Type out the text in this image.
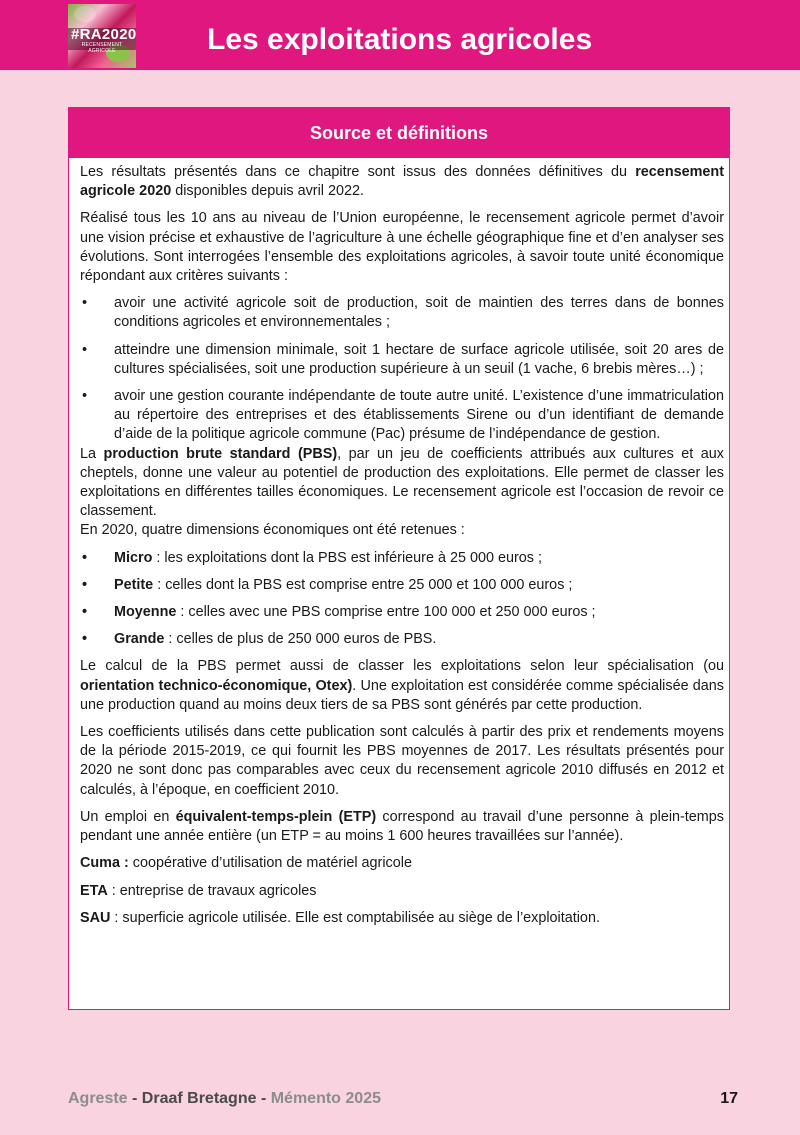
#RA2020
RECENSEMENT AGRICOLE	Les exploitations agricoles
Source et définitions

Les résultats présentés dans ce chapitre sont issus des données définitives du recensement agricole 2020 disponibles depuis avril 2022.

Réalisé tous les 10 ans au niveau de l’Union européenne, le recensement agricole permet d’avoir une vision précise et exhaustive de l’agriculture à une échelle géographique fine et d’en analyser ses évolutions. Sont interrogées l’ensemble des exploitations agricoles, à savoir toute unité économique répondant aux critères suivants :

• avoir une activité agricole soit de production, soit de maintien des terres dans de bonnes conditions agricoles et environnementales ;
• atteindre une dimension minimale, soit 1 hectare de surface agricole utilisée, soit 20 ares de cultures spécialisées, soit une production supérieure à un seuil (1 vache, 6 brebis mères…) ;
• avoir une gestion courante indépendante de toute autre unité. L’existence d’une immatriculation au répertoire des entreprises et des établissements Sirene ou d’un identifiant de demande d’aide de la politique agricole commune (Pac) présume de l’indépendance de gestion.

La production brute standard (PBS), par un jeu de coefficients attribués aux cultures et aux cheptels, donne une valeur au potentiel de production des exploitations. Elle permet de classer les exploitations en différentes tailles économiques. Le recensement agricole est l’occasion de revoir ce classement.

En 2020, quatre dimensions économiques ont été retenues :

• Micro : les exploitations dont la PBS est inférieure à 25 000 euros ;
• Petite : celles dont la PBS est comprise entre 25 000 et 100 000 euros ;
• Moyenne : celles avec une PBS comprise entre 100 000 et 250 000 euros ;
• Grande : celles de plus de 250 000 euros de PBS.

Le calcul de la PBS permet aussi de classer les exploitations selon leur spécialisation (ou orientation technico-économique, Otex). Une exploitation est considérée comme spécialisée dans une production quand au moins deux tiers de sa PBS sont générés par cette production.

Les coefficients utilisés dans cette publication sont calculés à partir des prix et rendements moyens de la période 2015-2019, ce qui fournit les PBS moyennes de 2017. Les résultats présentés pour 2020 ne sont donc pas comparables avec ceux du recensement agricole 2010 diffusés en 2012 et calculés, à l’époque, en coefficient 2010.

Un emploi en équivalent-temps-plein (ETP) correspond au travail d’une personne à plein-temps pendant une année entière (un ETP = au moins 1 600 heures travaillées sur l’année).

Cuma : coopérative d’utilisation de matériel agricole

ETA : entreprise de travaux agricoles

SAU : superficie agricole utilisée. Elle est comptabilisée au siège de l’exploitation.

Agreste - Draaf Bretagne - Mémento 2025	17
